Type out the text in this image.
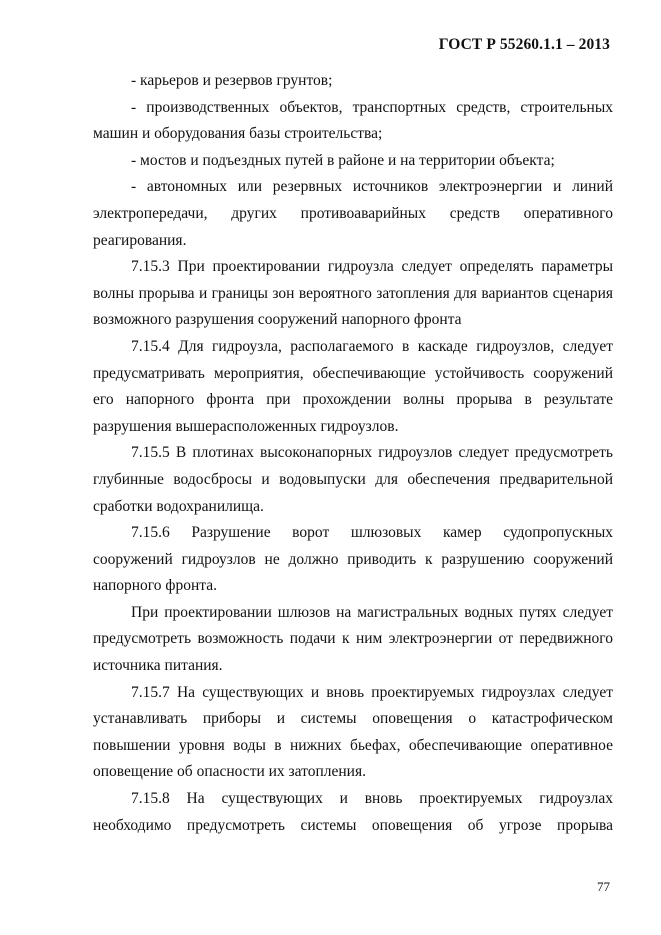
ГОСТ Р 55260.1.1 – 2013
- карьеров и резервов грунтов;
- производственных объектов, транспортных средств, строительных
машин и оборудования базы строительства;
- мостов и подъездных путей в районе и на территории объекта;
- автономных или резервных источников электроэнергии и линий
электропередачи, других противоаварийных средств оперативного
реагирования.
7.15.3 При проектировании гидроузла следует определять параметры
волны прорыва и границы зон вероятного затопления для вариантов сценария
возможного разрушения сооружений напорного фронта
7.15.4 Для гидроузла, располагаемого в каскаде гидроузлов, следует
предусматривать мероприятия, обеспечивающие устойчивость сооружений
его напорного фронта при прохождении волны прорыва в результате
разрушения вышерасположенных гидроузлов.
7.15.5 В плотинах высоконапорных гидроузлов следует предусмотреть
глубинные водосбросы и водовыпуски для обеспечения предварительной
сработки водохранилища.
7.15.6 Разрушение ворот шлюзовых камер судопропускных
сооружений гидроузлов не должно приводить к разрушению сооружений
напорного фронта.
При проектировании шлюзов на магистральных водных путях следует
предусмотреть возможность подачи к ним электроэнергии от передвижного
источника питания.
7.15.7 На существующих и вновь проектируемых гидроузлах следует
устанавливать приборы и системы оповещения о катастрофическом
повышении уровня воды в нижних бьефах, обеспечивающие оперативное
оповещение об опасности их затопления.
7.15.8 На существующих и вновь проектируемых гидроузлах
необходимо предусмотреть системы оповещения об угрозе прорыва
77
